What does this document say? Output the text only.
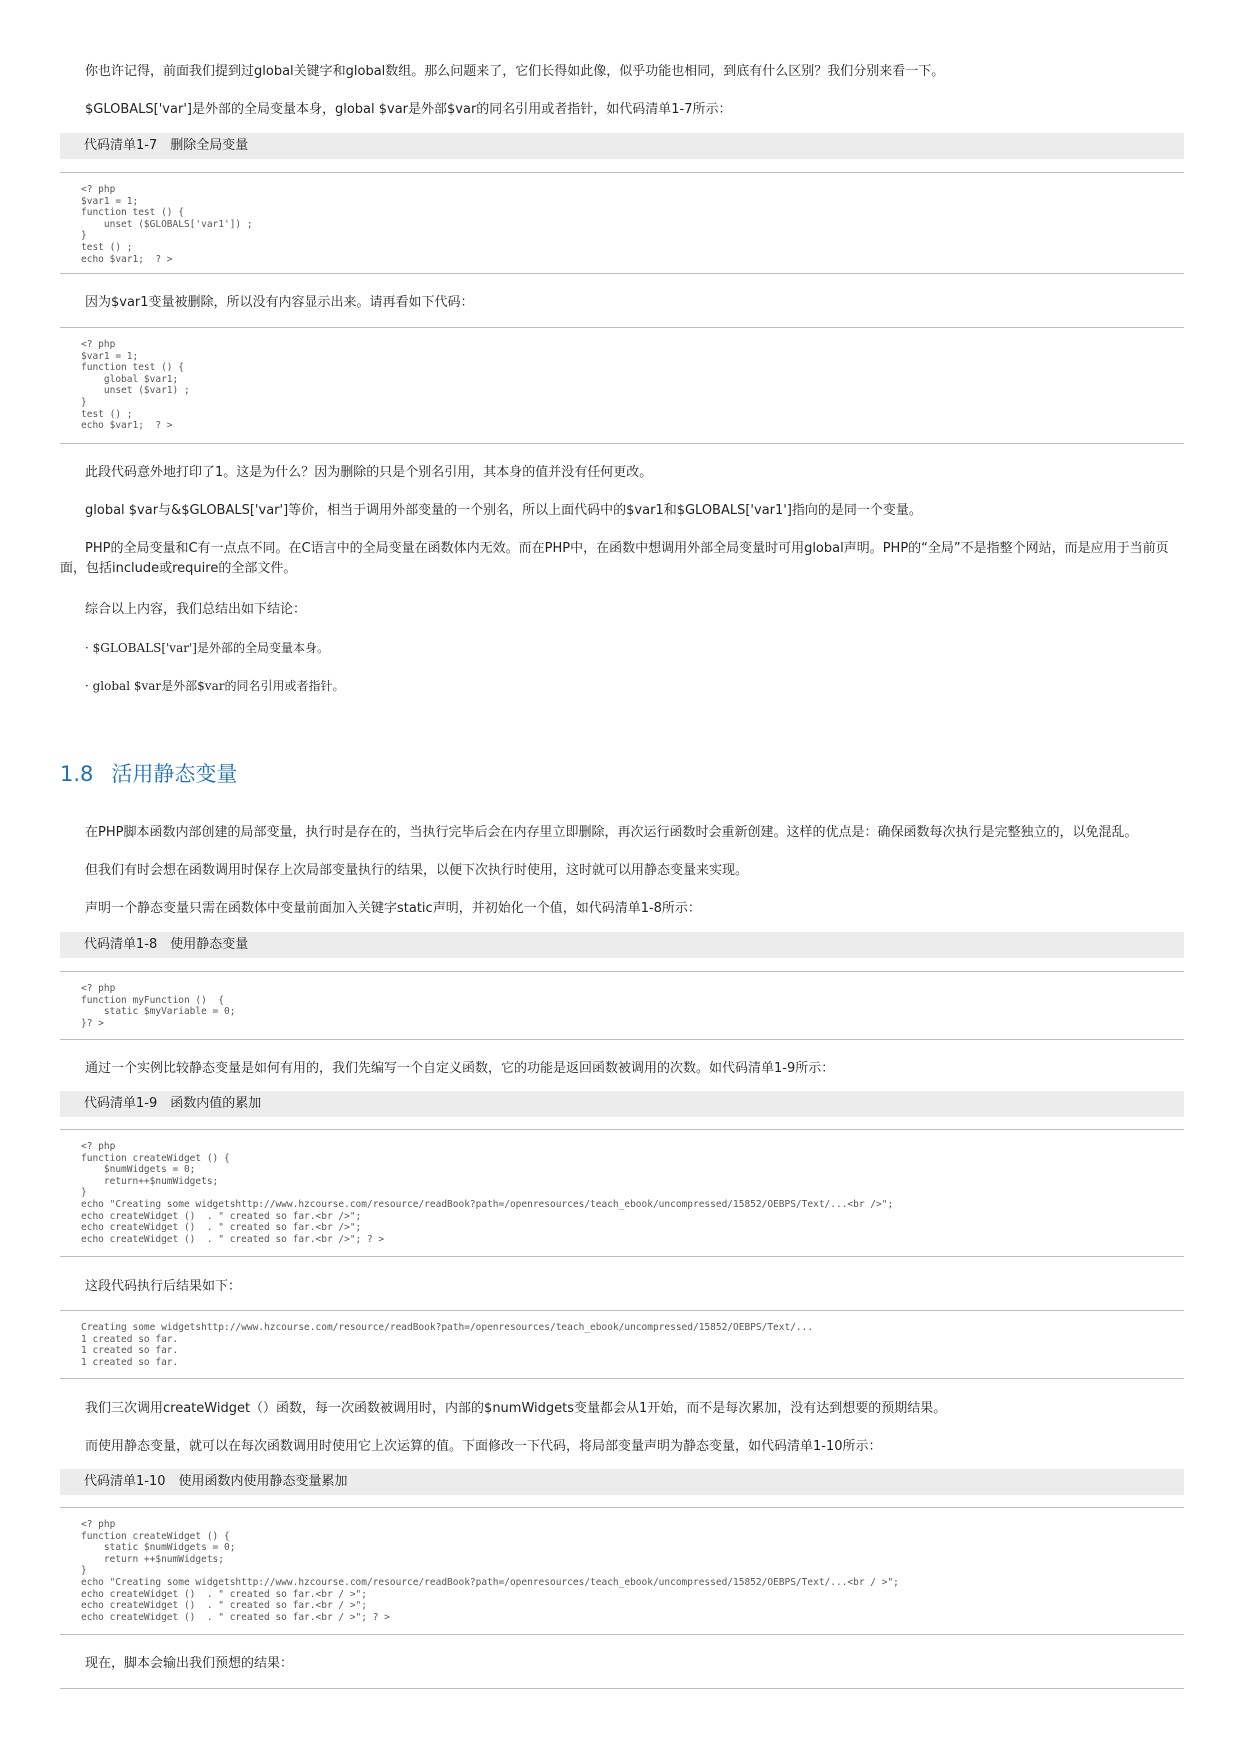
你也许记得，前面我们提到过global关键字和global数组。那么问题来了，它们长得如此像，似乎功能也相同，到底有什么区别？我们分别来看一下。

$GLOBALS['var']是外部的全局变量本身，global $var是外部$var的同名引用或者指针，如代码清单1-7所示：

代码清单1-7　删除全局变量
<? php
$var1 = 1;
function test () {
unset ($GLOBALS['var1']) ;
}
test () ;
echo $var1;  ? >

因为$var1变量被删除，所以没有内容显示出来。请再看如下代码：

<? php
$var1 = 1;
function test () {
global $var1;
unset ($var1) ;
}
test () ;
echo $var1;  ? >

此段代码意外地打印了1。这是为什么？因为删除的只是个别名引用，其本身的值并没有任何更改。

global $var与&$GLOBALS['var']等价，相当于调用外部变量的一个别名，所以上面代码中的$var1和$GLOBALS['var1']指向的是同一个变量。

PHP的全局变量和C有一点点不同。在C语言中的全局变量在函数体内无效。而在PHP中，在函数中想调用外部全局变量时可用global声明。PHP的“全局”不是指整个网站，而是应用于当前页面，包括include或require的全部文件。

综合以上内容，我们总结出如下结论：

· $GLOBALS['var']是外部的全局变量本身。

· global $var是外部$var的同名引用或者指针。

1.8 活用静态变量

在PHP脚本函数内部创建的局部变量，执行时是存在的，当执行完毕后会在内存里立即删除，再次运行函数时会重新创建。这样的优点是：确保函数每次执行是完整独立的，以免混乱。

但我们有时会想在函数调用时保存上次局部变量执行的结果，以便下次执行时使用，这时就可以用静态变量来实现。

声明一个静态变量只需在函数体中变量前面加入关键字static声明，并初始化一个值，如代码清单1-8所示：

代码清单1-8　使用静态变量
<? php
function myFunction ()  {
static $myVariable = 0;
}? >

通过一个实例比较静态变量是如何有用的，我们先编写一个自定义函数，它的功能是返回函数被调用的次数。如代码清单1-9所示：

代码清单1-9　函数内值的累加
<? php
function createWidget () {
$numWidgets = 0;
return++$numWidgets;
}
echo "Creating some widgetshttp://www.hzcourse.com/resource/readBook?path=/openresources/teach_ebook/uncompressed/15852/OEBPS/Text/...<br />";
echo createWidget ()  . " created so far.<br />";
echo createWidget ()  . " created so far.<br />";
echo createWidget ()  . " created so far.<br />"; ? >

这段代码执行后结果如下：

Creating some widgetshttp://www.hzcourse.com/resource/readBook?path=/openresources/teach_ebook/uncompressed/15852/OEBPS/Text/...
1 created so far.
1 created so far.
1 created so far.

我们三次调用createWidget（）函数，每一次函数被调用时，内部的$numWidgets变量都会从1开始，而不是每次累加，没有达到想要的预期结果。

而使用静态变量，就可以在每次函数调用时使用它上次运算的值。下面修改一下代码，将局部变量声明为静态变量，如代码清单1-10所示：

代码清单1-10　使用函数内使用静态变量累加
<? php
function createWidget () {
static $numWidgets = 0;
return ++$numWidgets;
}
echo "Creating some widgetshttp://www.hzcourse.com/resource/readBook?path=/openresources/teach_ebook/uncompressed/15852/OEBPS/Text/...<br / >";
echo createWidget ()  . " created so far.<br / >";
echo createWidget ()  . " created so far.<br / >";
echo createWidget ()  . " created so far.<br / >"; ? >

现在，脚本会输出我们预想的结果：
